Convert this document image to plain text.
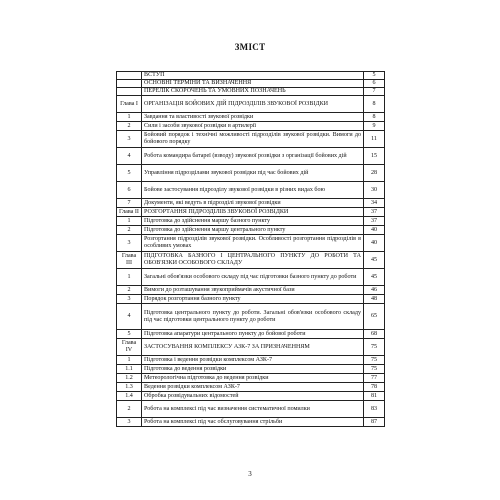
ЗМІСТ
	ВСТУП	5
	ОСНОВНІ ТЕРМІНИ ТА ВИЗНАЧЕННЯ	6
	ПЕРЕЛІК СКОРОЧЕНЬ ТА УМОВНИХ ПОЗНАЧЕНЬ	7
Глава І	ОРГАНІЗАЦІЯ БОЙОВИХ ДІЙ ПІДРОЗДІЛІВ ЗВУКОВОЇ РОЗВІДКИ	8
1	Завдання та властивості звукової розвідки	8
2	Сили і засоби звукової розвідки в артилерії	9
3	Бойовий порядок і технічні можливості підрозділів звукової розвідки. Вимоги до бойового порядку	11
4	Робота командира батареї (взводу) звукової розвідки з організації бойових дій	15
5	Управління підрозділами звукової розвідки під час бойових дій	28
6	Бойове застосування підрозділу звукової розвідки в різних видах бою	30
7	Документи, які ведуть в підрозділі звукової розвідки	34
Глава ІІ	РОЗГОРТАННЯ ПІДРОЗДІЛІВ ЗВУКОВОЇ РОЗВІДКИ	37
1	Підготовка до здійснення маршу базного пункту	37
2	Підготовка до здійснення маршу центрального пункту	40
3	Розгортання підрозділів звукової розвідки. Особливості розгортання підрозділів в особливих умовах	40
Глава ІІІ	ПІДГОТОВКА БАЗНОГО І ЦЕНТРАЛЬНОГО ПУНКТУ ДО РОБОТИ ТА ОБОВ'ЯЗКИ ОСОБОВОГО СКЛАДУ	45
1	Загальні обов'язки особового складу під час підготовки базного пункту до роботи	45
2	Вимоги до розташування звукоприймачів акустичної бази	46
3	Порядок розгортання базного пункту	48
4	Підготовка центрального пункту до роботи. Загальні обов'язки особового складу під час підготовки центрального пункту до роботи	65
5	Підготовка апаратури центрального пункту до бойової роботи	68
Глава IV	ЗАСТОСУВАННЯ КОМПЛЕКСУ АЗК-7 ЗА ПРИЗНАЧЕННЯМ	75
1	Підготовка і ведення розвідки комплексом АЗК-7	75
1.1	Підготовка до ведення розвідки	75
1.2	Метеорологічна підготовка до ведення розвідки	77
1.3	Ведення розвідки комплексом АЗК-7	78
1.4	Обробка розвідувальних відомостей	81
2	Робота на комплексі під час визначення систематичної помилки	83
3	Робота на комплексі під час обслуговування стрільби	87
3
